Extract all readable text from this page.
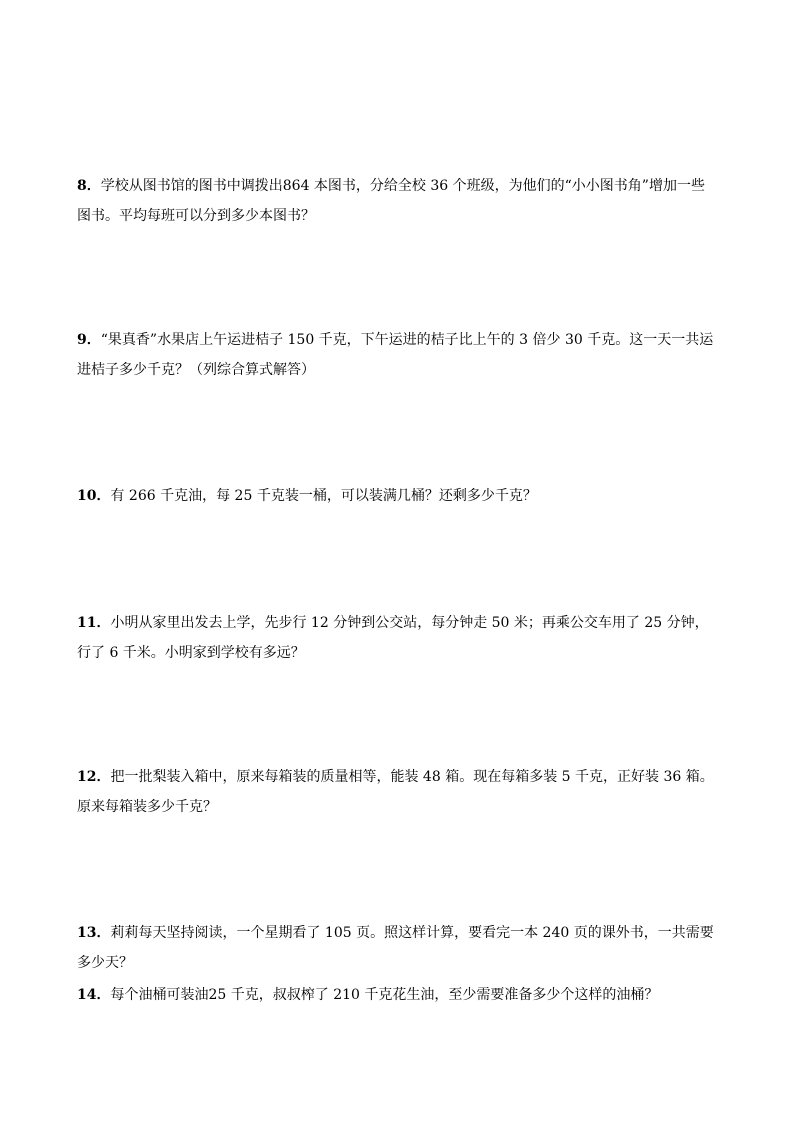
8．学校从图书馆的图书中调拨出864 本图书，分给全校 36 个班级，为他们的“小小图书角”增加一些图书。平均每班可以分到多少本图书？
9．“果真香”水果店上午运进桔子 150 千克，下午运进的桔子比上午的 3 倍少 30 千克。这一天一共运进桔子多少千克？（列综合算式解答）
10．有 266 千克油，每 25 千克装一桶，可以装满几桶？还剩多少千克？
11．小明从家里出发去上学，先步行 12 分钟到公交站，每分钟走 50 米；再乘公交车用了 25 分钟，行了 6 千米。小明家到学校有多远？
12．把一批梨装入箱中，原来每箱装的质量相等，能装 48 箱。现在每箱多装 5 千克，正好装 36 箱。原来每箱装多少千克？
13．莉莉每天坚持阅读，一个星期看了 105 页。照这样计算，要看完一本 240 页的课外书，一共需要多少天？
14．每个油桶可装油25 千克，叔叔榨了 210 千克花生油，至少需要准备多少个这样的油桶？
